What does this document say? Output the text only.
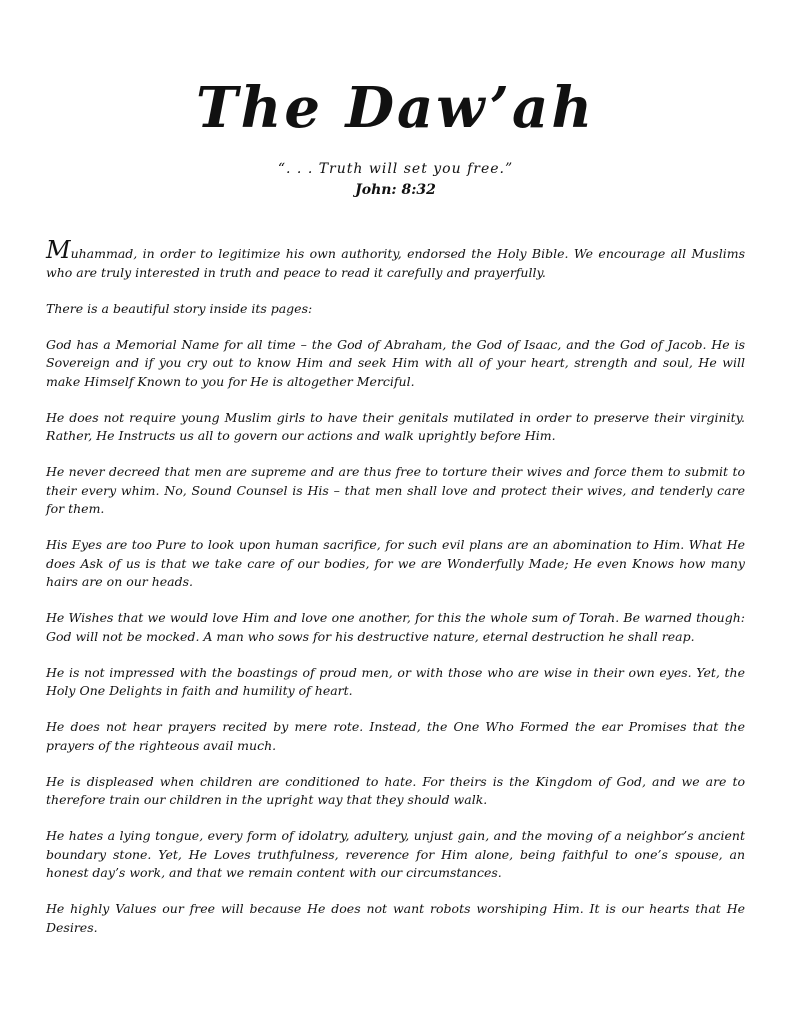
The Daw’ah
“. . . Truth will set you free.”
John: 8:32

Muhammad, in order to legitimize his own authority, endorsed the Holy Bible. We encourage all Muslims who are truly interested in truth and peace to read it carefully and prayerfully.

There is a beautiful story inside its pages:

God has a Memorial Name for all time – the God of Abraham, the God of Isaac, and the God of Jacob. He is Sovereign and if you cry out to know Him and seek Him with all of your heart, strength and soul, He will make Himself Known to you for He is altogether Merciful.

He does not require young Muslim girls to have their genitals mutilated in order to preserve their virginity. Rather, He Instructs us all to govern our actions and walk uprightly before Him.

He never decreed that men are supreme and are thus free to torture their wives and force them to submit to their every whim. No, Sound Counsel is His – that men shall love and protect their wives, and tenderly care for them.

His Eyes are too Pure to look upon human sacrifice, for such evil plans are an abomination to Him. What He does Ask of us is that we take care of our bodies, for we are Wonderfully Made; He even Knows how many hairs are on our heads.

He Wishes that we would love Him and love one another, for this the whole sum of Torah. Be warned though: God will not be mocked. A man who sows for his destructive nature, eternal destruction he shall reap.

He is not impressed with the boastings of proud men, or with those who are wise in their own eyes. Yet, the Holy One Delights in faith and humility of heart.

He does not hear prayers recited by mere rote. Instead, the One Who Formed the ear Promises that the prayers of the righteous avail much.

He is displeased when children are conditioned to hate. For theirs is the Kingdom of God, and we are to therefore train our children in the upright way that they should walk.

He hates a lying tongue, every form of idolatry, adultery, unjust gain, and the moving of a neighbor’s ancient boundary stone. Yet, He Loves truthfulness, reverence for Him alone, being faithful to one’s spouse, an honest day’s work, and that we remain content with our circumstances.

He highly Values our free will because He does not want robots worshiping Him. It is our hearts that He Desires.
